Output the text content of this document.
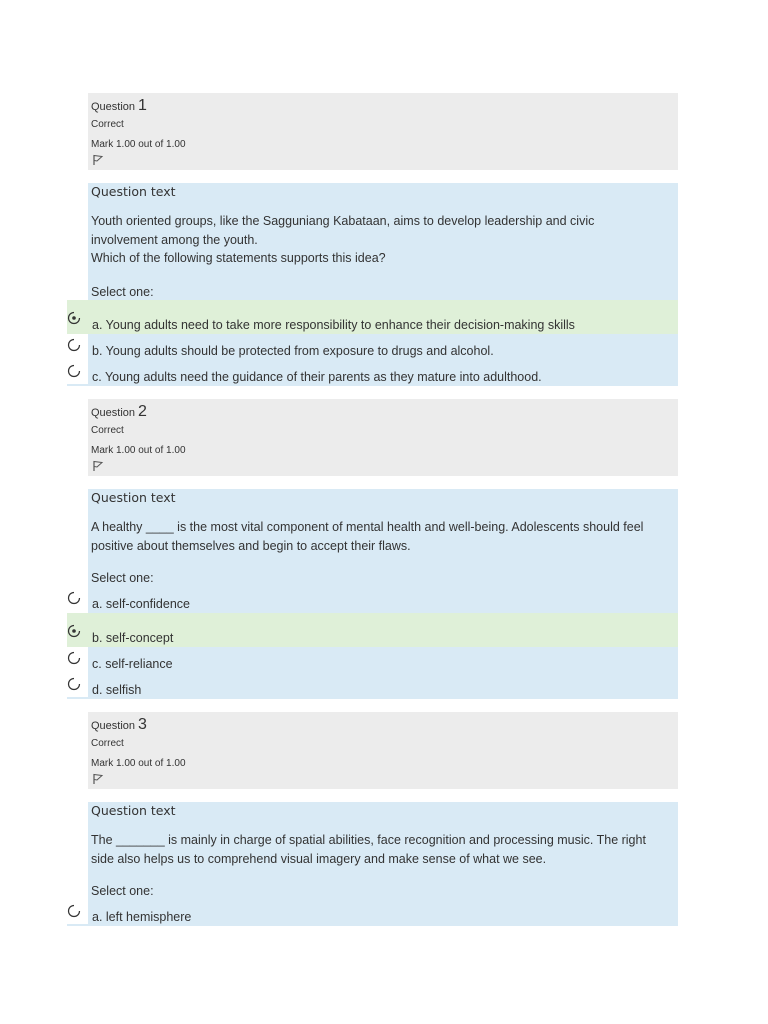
Question 1
Correct
Mark 1.00 out of 1.00
Question text
Youth oriented groups, like the Sagguniang Kabataan, aims to develop leadership and civic
involvement among the youth.
Which of the following statements supports this idea?
Select one:
a. Young adults need to take more responsibility to enhance their decision-making skills
b. Young adults should be protected from exposure to drugs and alcohol.
c. Young adults need the guidance of their parents as they mature into adulthood.
Question 2
Correct
Mark 1.00 out of 1.00
Question text
A healthy ____ is the most vital component of mental health and well-being. Adolescents should feel
positive about themselves and begin to accept their flaws.
Select one:
a. self-confidence
b. self-concept
c. self-reliance
d. selfish
Question 3
Correct
Mark 1.00 out of 1.00
Question text
The _______ is mainly in charge of spatial abilities, face recognition and processing music. The right
side also helps us to comprehend visual imagery and make sense of what we see.
Select one:
a. left hemisphere
